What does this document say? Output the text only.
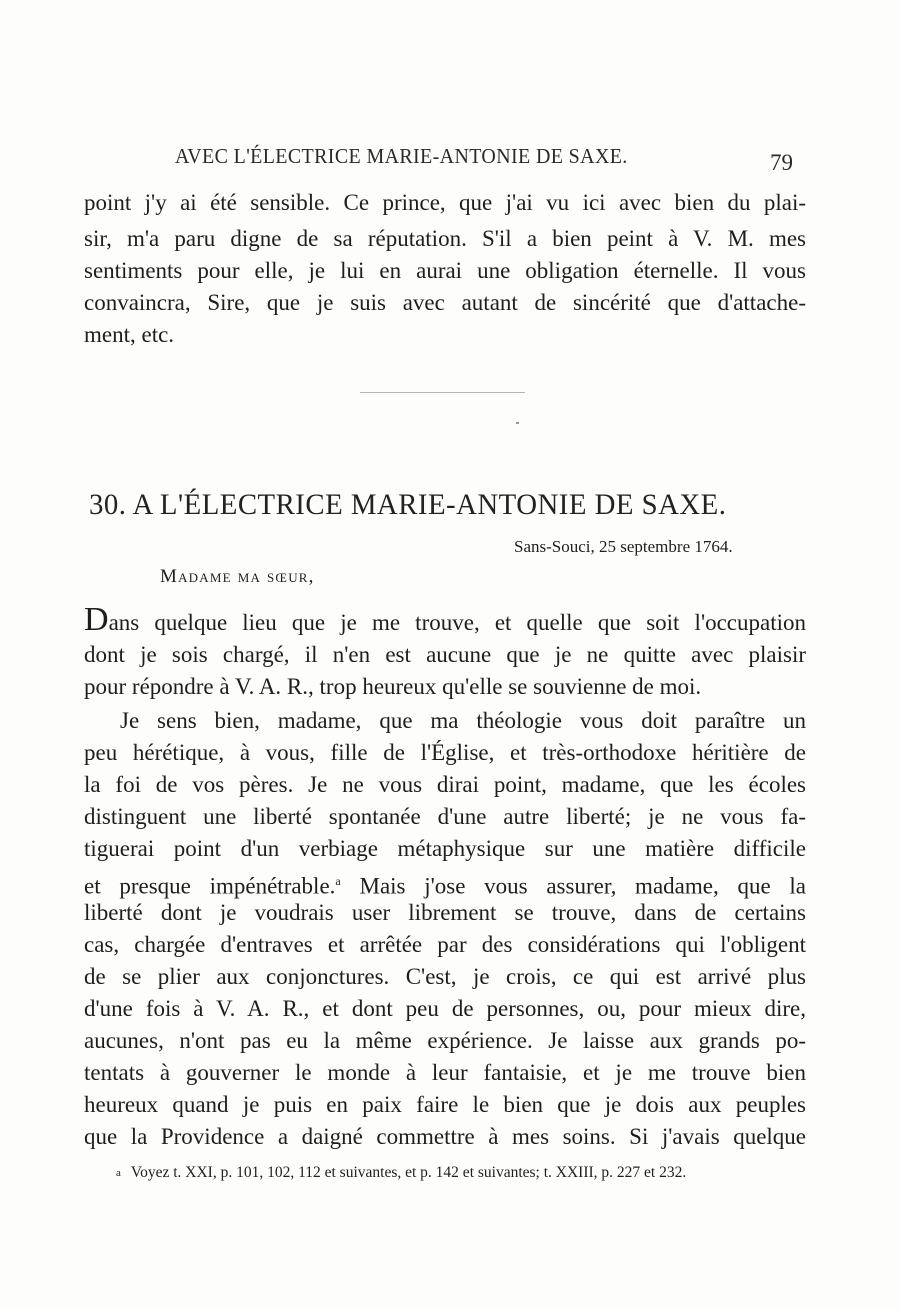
AVEC L'ÉLECTRICE MARIE-ANTONIE DE SAXE.	79
point j'y ai été sensible. Ce prince, que j'ai vu ici avec bien du plai-
sir, m'a paru digne de sa réputation. S'il a bien peint à V. M. mes
sentiments pour elle, je lui en aurai une obligation éternelle. Il vous
convaincra, Sire, que je suis avec autant de sincérité que d'attache-
ment, etc.
30. A L'ÉLECTRICE MARIE-ANTONIE DE SAXE.
Sans-Souci, 25 septembre 1764.
Madame ma sœur,
Dans quelque lieu que je me trouve, et quelle que soit l'occupation
dont je sois chargé, il n'en est aucune que je ne quitte avec plaisir
pour répondre à V. A. R., trop heureux qu'elle se souvienne de moi.
Je sens bien, madame, que ma théologie vous doit paraître un
peu hérétique, à vous, fille de l'Église, et très-orthodoxe héritière de
la foi de vos pères. Je ne vous dirai point, madame, que les écoles
distinguent une liberté spontanée d'une autre liberté; je ne vous fa-
tiguerai point d'un verbiage métaphysique sur une matière difficile
et presque impénétrable.$^a$ Mais j'ose vous assurer, madame, que la
liberté dont je voudrais user librement se trouve, dans de certains
cas, chargée d'entraves et arrêtée par des considérations qui l'obligent
de se plier aux conjonctures. C'est, je crois, ce qui est arrivé plus
d'une fois à V. A. R., et dont peu de personnes, ou, pour mieux dire,
aucunes, n'ont pas eu la même expérience. Je laisse aux grands po-
tentats à gouverner le monde à leur fantaisie, et je me trouve bien
heureux quand je puis en paix faire le bien que je dois aux peuples
que la Providence a daigné commettre à mes soins. Si j'avais quelque
a Voyez t. XXI, p. 101, 102, 112 et suivantes, et p. 142 et suivantes; t. XXIII, p. 227 et 232.
